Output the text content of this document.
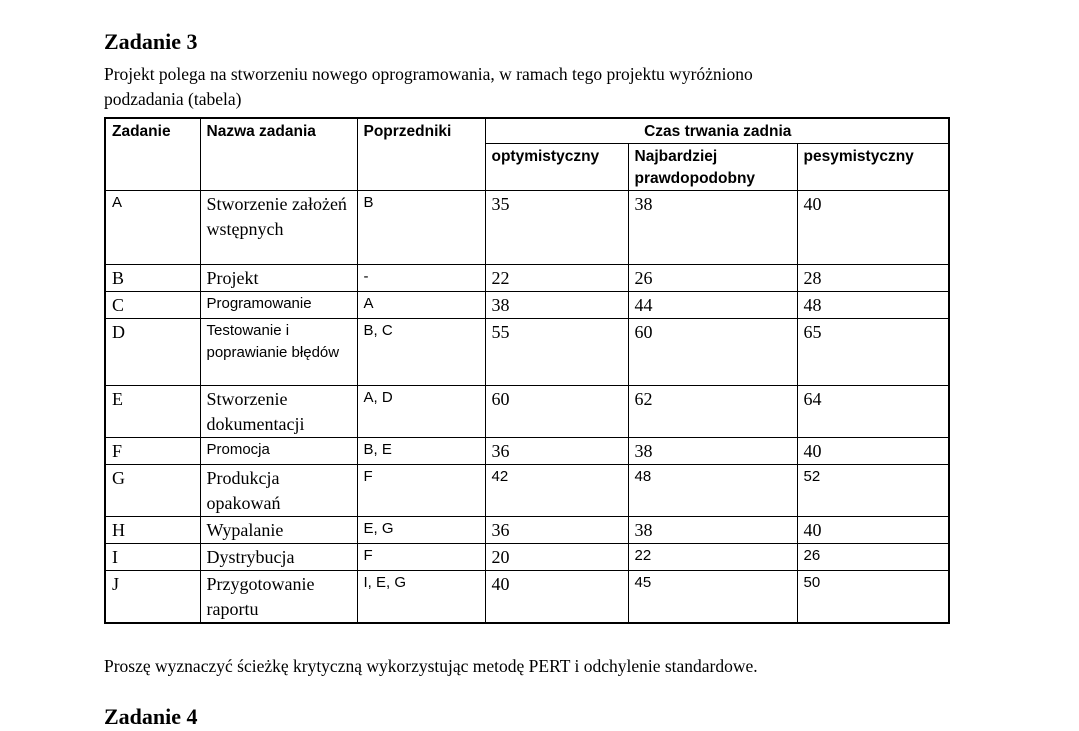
Zadanie 3
Projekt polega na stworzeniu nowego oprogramowania, w ramach tego projektu wyróżniono
podzadania (tabela)
Zadanie	Nazwa zadania	Poprzedniki	Czas trwania zadnia		
			optymistyczny	Najbardziej prawdopodobny	pesymistyczny
A	Stworzenie założeń wstępnych	B	35	38	40
B	Projekt	-	22	26	28
C	Programowanie	A	38	44	48
D	Testowanie i poprawianie błędów	B, C	55	60	65
E	Stworzenie dokumentacji	A, D	60	62	64
F	Promocja	B, E	36	38	40
G	Produkcja opakowań	F	42	48	52
H	Wypalanie	E, G	36	38	40
I	Dystrybucja	F	20	22	26
J	Przygotowanie raportu	I, E, G	40	45	50
Proszę wyznaczyć ścieżkę krytyczną wykorzystując metodę PERT i odchylenie standardowe.
Zadanie 4
